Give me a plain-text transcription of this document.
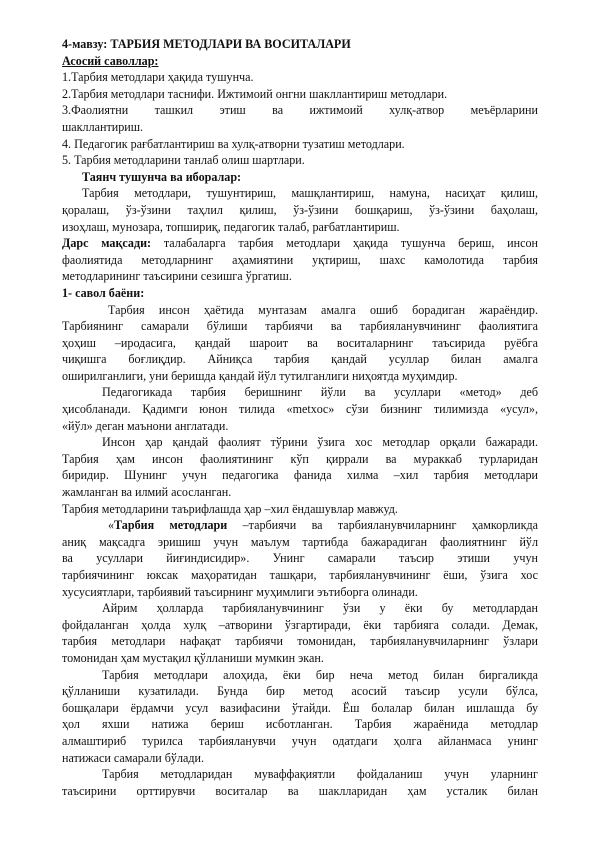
4-мавзу: ТАРБИЯ МЕТОДЛАРИ ВА ВОСИТАЛАРИ
Асосий саволлар:
1.Тарбия методлари ҳақида тушунча.
2.Тарбия методлари таснифи. Ижтимоий онгни шакллантириш методлари.
3.Фаолиятни ташкил этиш ва ижтимоий хулқ-атвор меъёрларини
шакллантириш.
4. Педагогик рағбатлантириш ва хулқ-атворни тузатиш методлари.
5. Тарбия методларини танлаб олиш шартлари.
Таянч тушунча ва иборалар:
Тарбия методлари, тушунтириш, машқлантириш, намуна, насиҳат қилиш,
қоралаш, ўз-ўзини таҳлил қилиш, ўз-ўзини бошқариш, ўз-ўзини баҳолаш,
изоҳлаш, мунозара, топшириқ, педагогик талаб, рағбатлантириш.
Дарс мақсади: талабаларга тарбия методлари ҳақида тушунча бериш, инсон
фаолиятида методларнинг аҳамиятини уқтириш, шахс камолотида тарбия
методларининг таъсирини сезишга ўргатиш.
1- савол баёни:
Тарбия инсон ҳаётида мунтазам амалга ошиб борадиган жараёндир.
Тарбиянинг самарали бўлиши тарбиячи ва тарбияланувчининг фаолиятига
ҳоҳиш –иродасига, қандай шароит ва воситаларнинг таъсирида руёбга
чиқишга боғлиқдир. Айниқса тарбия қандай усуллар билан амалга
оширилганлиги, уни беришда қандай йўл тутилганлиги ниҳоятда муҳимдир.
Педагогикада тарбия беришнинг йўли ва усуллари «метод» деб
ҳисобланади. Қадимги юнон тилида «metxoc» сўзи бизнинг тилимизда «усул»,
«йўл» деган маънони англатади.
Инсон ҳар қандай фаолият тўрини ўзига хос методлар орқали бажаради.
Тарбия ҳам инсон фаолиятининг кўп қиррали ва мураккаб турларидан
биридир. Шунинг учун педагогика фанида хилма –хил тарбия методлари
жамланган ва илмий асосланган.
Тарбия методларини таърифлашда ҳар –хил ёндашувлар мавжуд.
«Тарбия методлари –тарбиячи ва тарбияланувчиларнинг ҳамкорликда
аниқ мақсадга эришиш учун маълум тартибда бажарадиган фаолиятнинг йўл
ва усуллари йиғиндисидир». Унинг самарали таъсир этиши учун
тарбиячининг юксак маҳоратидан ташқари, тарбияланувчининг ёши, ўзига хос
хусусиятлари, тарбиявий таъсирнинг муҳимлиги эътиборга олинади.
Айрим ҳолларда тарбияланувчининг ўзи у ёки бу методлардан
фойдаланган ҳолда хулқ –атворини ўзгартиради, ёки тарбияга солади. Демак,
тарбия методлари нафақат тарбиячи томонидан, тарбияланувчиларнинг ўзлари
томонидан ҳам мустақил қўлланиши мумкин экан.
Тарбия методлари алоҳида, ёки бир неча метод билан биргаликда
қўлланиши кузатилади. Бунда бир метод асосий таъсир усули бўлса,
бошқалари ёрдамчи усул вазифасини ўтайди. Ёш болалар билан ишлашда бу
ҳол яхши натижа бериш исботланган. Тарбия жараёнида методлар
алмаштириб турилса тарбияланувчи учун одатдаги ҳолга айланмаса унинг
натижаси самарали бўлади.
Тарбия методларидан муваффақиятли фойдаланиш учун уларнинг
таъсирини орттирувчи воситалар ва шаклларидан ҳам усталик билан
